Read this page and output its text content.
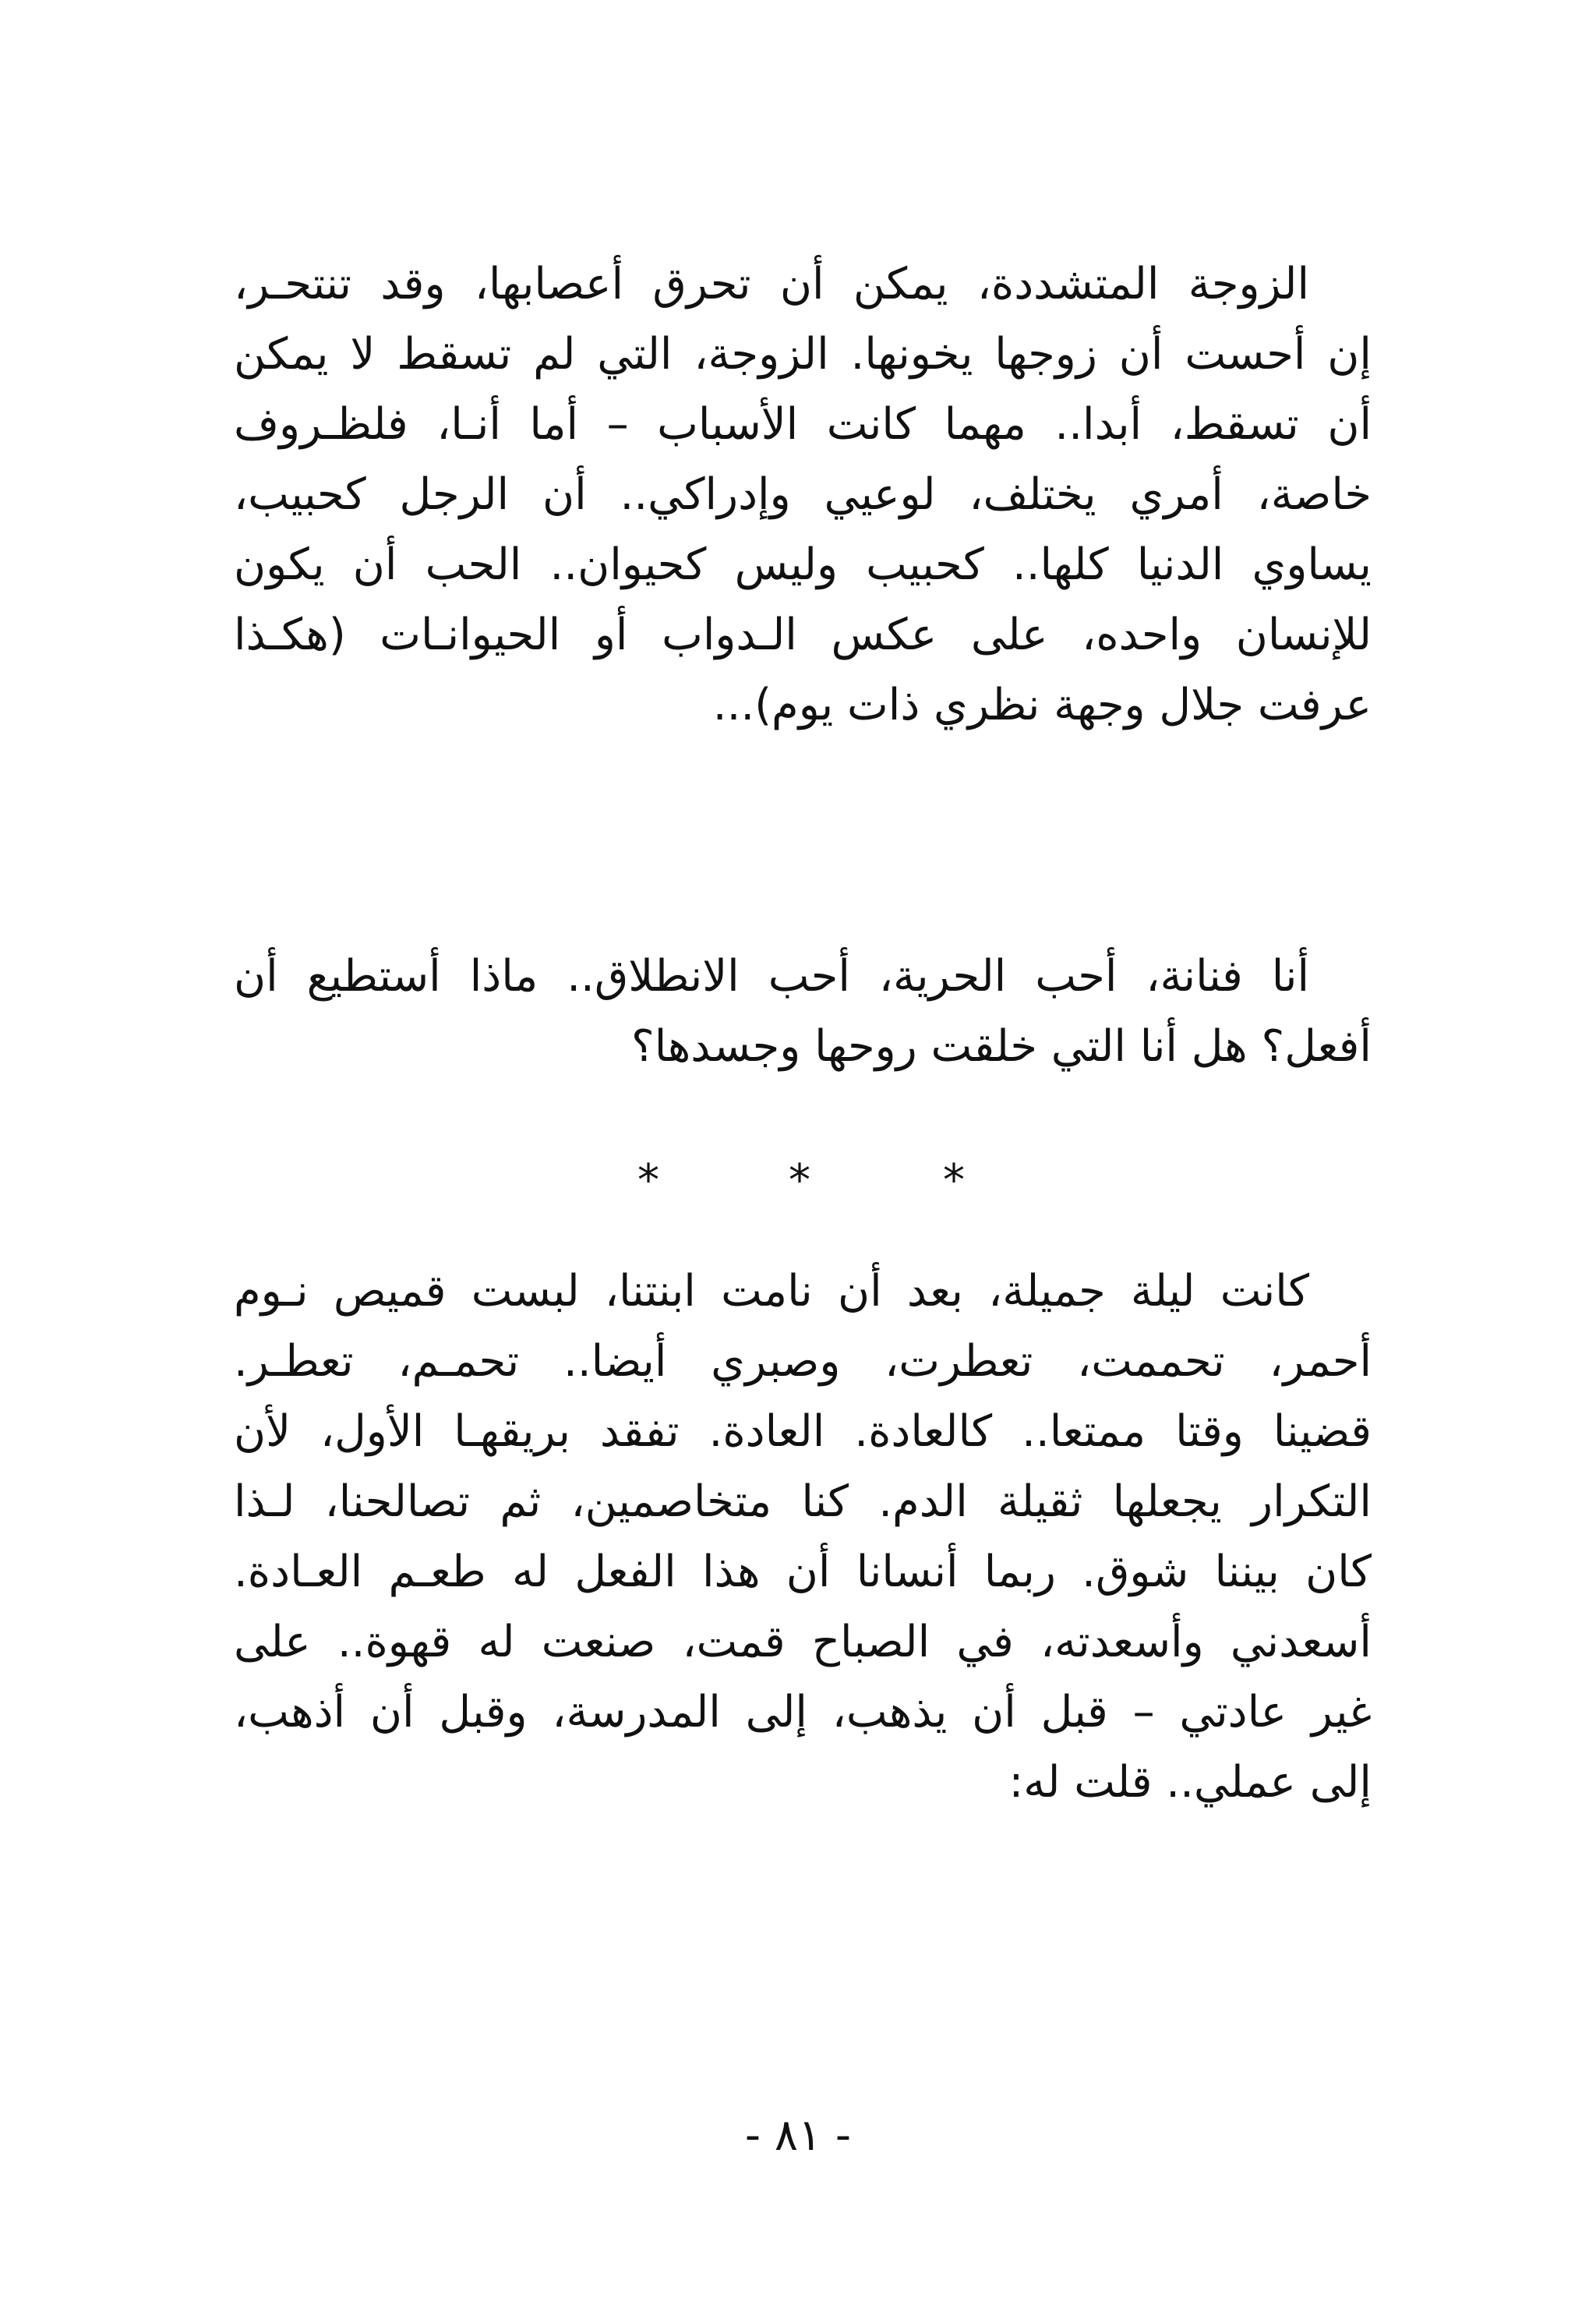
الزوجة المتشددة، يمكن أن تحرق أعصابها، وقد تنتحـر،
إن أحست أن زوجها يخونها. الزوجة، التي لم تسقط لا يمكن
أن تسقط، أبدا.. مهما كانت الأسباب – أما أنـا، فلظـروف
خاصة، أمري يختلف، لوعيي وإدراكي.. أن الرجل كحبيب،
يساوي الدنيا كلها.. كحبيب وليس كحيوان.. الحب أن يكون
للإنسان واحده، على عكس الـدواب أو الحيوانـات (هكـذا
عرفت جلال وجهة نظري ذات يوم)...
أنا فنانة، أحب الحرية، أحب الانطلاق.. ماذا أستطيع أن
أفعل؟ هل أنا التي خلقت روحها وجسدها؟
*	*	*
كانت ليلة جميلة، بعد أن نامت ابنتنا، لبست قميص نـوم
أحمر، تحممت، تعطرت، وصبري أيضا.. تحمـم، تعطـر.
قضينا وقتا ممتعا.. كالعادة. العادة. تفقد بريقهـا الأول، لأن
التكرار يجعلها ثقيلة الدم. كنا متخاصمين، ثم تصالحنا، لـذا
كان بيننا شوق. ربما أنسانا أن هذا الفعل له طعـم العـادة.
أسعدني وأسعدته، في الصباح قمت، صنعت له قهوة.. على
غير عادتي – قبل أن يذهب، إلى المدرسة، وقبل أن أذهب،
إلى عملي.. قلت له:
- ٨١ -
